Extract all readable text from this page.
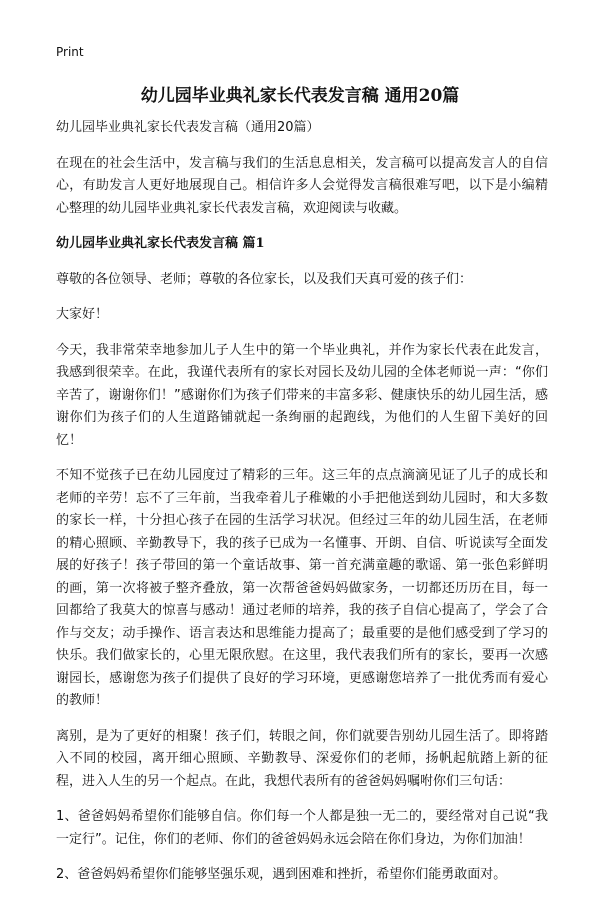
Print
幼儿园毕业典礼家长代表发言稿 通用20篇

幼儿园毕业典礼家长代表发言稿（通用20篇）

在现在的社会生活中，发言稿与我们的生活息息相关，发言稿可以提高发言人的自信心，有助发言人更好地展现自己。相信许多人会觉得发言稿很难写吧，以下是小编精心整理的幼儿园毕业典礼家长代表发言稿，欢迎阅读与收藏。

幼儿园毕业典礼家长代表发言稿 篇1

尊敬的各位领导、老师；尊敬的各位家长，以及我们天真可爱的孩子们：

大家好！

今天，我非常荣幸地参加儿子人生中的第一个毕业典礼，并作为家长代表在此发言，我感到很荣幸。在此，我谨代表所有的家长对园长及幼儿园的全体老师说一声：“你们辛苦了，谢谢你们！”感谢你们为孩子们带来的丰富多彩、健康快乐的幼儿园生活，感谢你们为孩子们的人生道路铺就起一条绚丽的起跑线，为他们的人生留下美好的回忆！

不知不觉孩子已在幼儿园度过了精彩的三年。这三年的点点滴滴见证了儿子的成长和老师的辛劳！忘不了三年前，当我牵着儿子稚嫩的小手把他送到幼儿园时，和大多数的家长一样，十分担心孩子在园的生活学习状况。但经过三年的幼儿园生活，在老师的精心照顾、辛勤教导下，我的孩子已成为一名懂事、开朗、自信、听说读写全面发展的好孩子！孩子带回的第一个童话故事、第一首充满童趣的歌谣、第一张色彩鲜明的画，第一次将被子整齐叠放，第一次帮爸爸妈妈做家务，一切都还历历在目，每一回都给了我莫大的惊喜与感动！通过老师的培养，我的孩子自信心提高了，学会了合作与交友；动手操作、语言表达和思维能力提高了；最重要的是他们感受到了学习的快乐。我们做家长的，心里无限欣慰。在这里，我代表我们所有的家长，要再一次感谢园长，感谢您为孩子们提供了良好的学习环境，更感谢您培养了一批优秀而有爱心的教师！

离别，是为了更好的相聚！孩子们，转眼之间，你们就要告别幼儿园生活了。即将踏入不同的校园，离开细心照顾、辛勤教导、深爱你们的老师，扬帆起航踏上新的征程，进入人生的另一个起点。在此，我想代表所有的爸爸妈妈嘱咐你们三句话：

1、爸爸妈妈希望你们能够自信。你们每一个人都是独一无二的，要经常对自己说“我一定行”。记住，你们的老师、你们的爸爸妈妈永远会陪在你们身边，为你们加油！

2、爸爸妈妈希望你们能够坚强乐观，遇到困难和挫折，希望你们能勇敢面对。
